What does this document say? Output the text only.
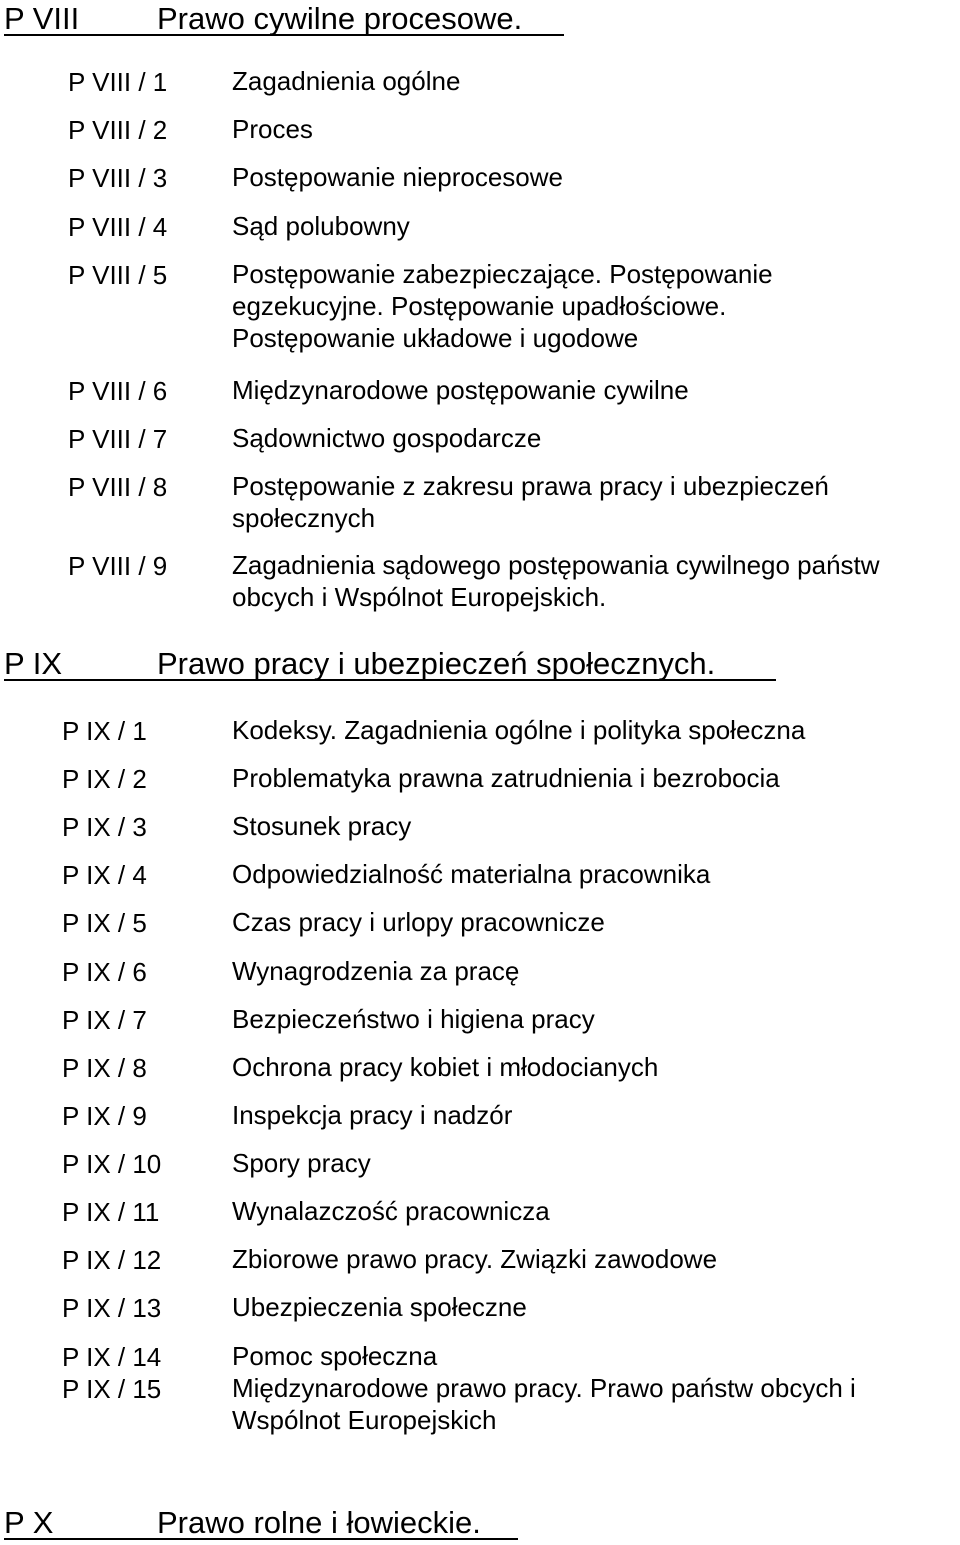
P VIII	Prawo cywilne procesowe.
P VIII / 1 Zagadnienia ogólne
P VIII / 2 Proces
P VIII / 3 Postępowanie nieprocesowe
P VIII / 4 Sąd polubowny
P VIII / 5 Postępowanie zabezpieczające. Postępowanie egzekucyjne. Postępowanie upadłościowe. Postępowanie układowe i ugodowe
P VIII / 6 Międzynarodowe postępowanie cywilne
P VIII / 7 Sądownictwo gospodarcze
P VIII / 8 Postępowanie z zakresu prawa pracy i ubezpieczeń społecznych
P VIII / 9 Zagadnienia sądowego postępowania cywilnego państw obcych i Wspólnot Europejskich.
P IX	Prawo pracy i ubezpieczeń społecznych.
P IX / 1	Kodeksy. Zagadnienia ogólne i polityka społeczna
P IX / 2	Problematyka prawna zatrudnienia i bezrobocia
P IX / 3	Stosunek pracy
P IX / 4	Odpowiedzialność materialna pracownika
P IX / 5	Czas pracy i urlopy pracownicze
P IX / 6	Wynagrodzenia za pracę
P IX / 7	Bezpieczeństwo i higiena pracy
P IX / 8	Ochrona pracy kobiet i młodocianych
P IX / 9	Inspekcja pracy i nadzór
P IX / 10	Spory pracy
P IX / 11	Wynalazczość pracownicza
P IX / 12	Zbiorowe prawo pracy. Związki zawodowe
P IX / 13	Ubezpieczenia społeczne
P IX / 14	Pomoc społeczna
P IX / 15	Międzynarodowe prawo pracy. Prawo państw obcych i Wspólnot Europejskich
P X	Prawo rolne i łowieckie.
